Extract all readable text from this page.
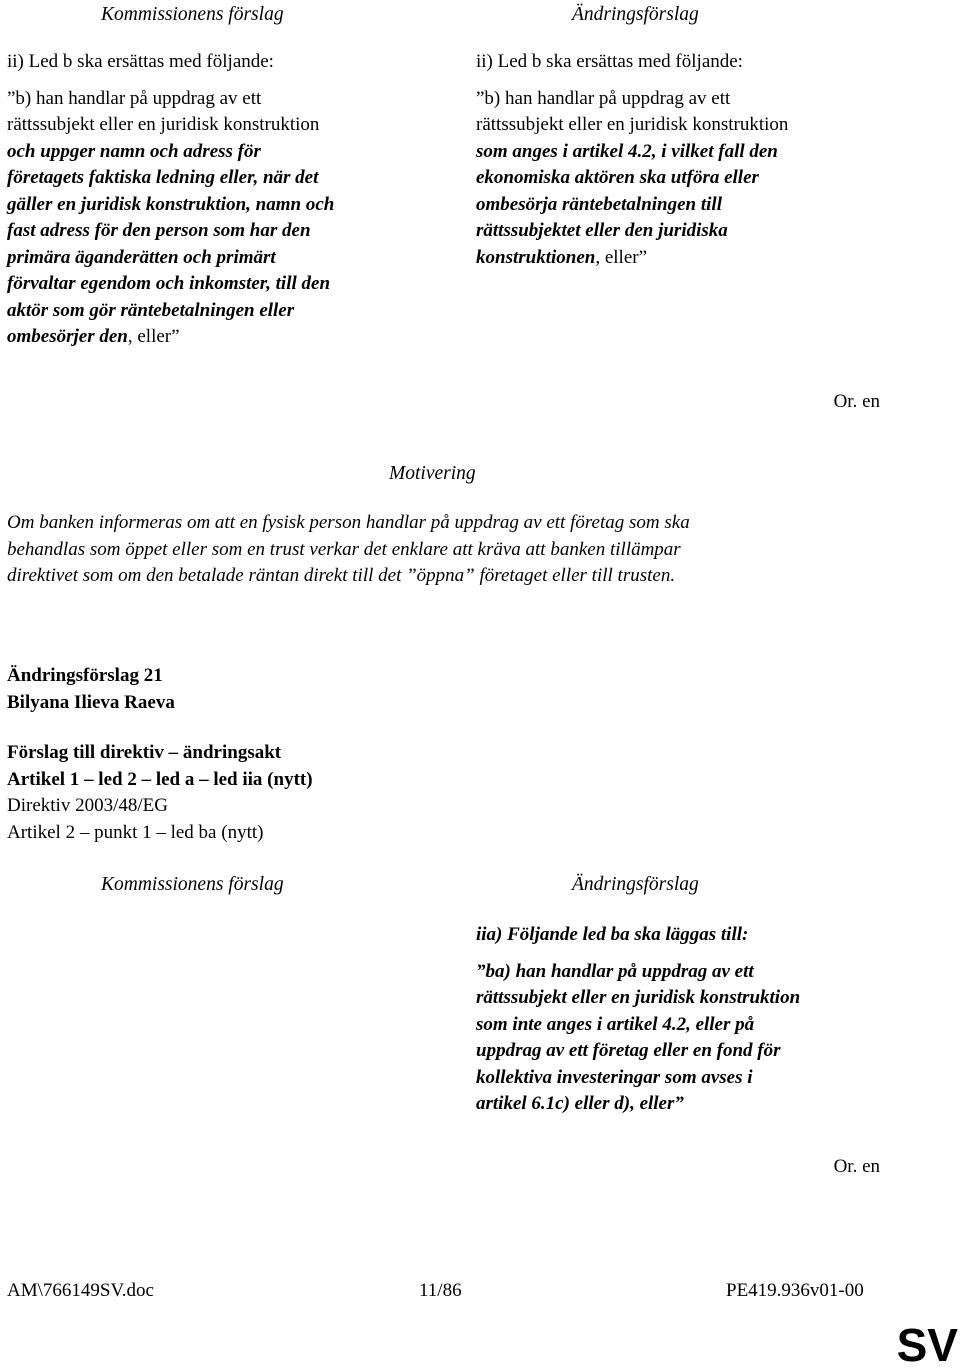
Kommissionens förslag	Ändringsförslag

ii) Led b ska ersättas med följande:

”b) han handlar på uppdrag av ett

rättssubjekt eller en juridisk konstruktion

och uppger namn och adress för

företagets faktiska ledning eller, när det

gäller en juridisk konstruktion, namn och

fast adress för den person som har den

primära äganderätten och primärt

förvaltar egendom och inkomster, till den

aktör som gör räntebetalningen eller

ombesörjer den, eller”

ii) Led b ska ersättas med följande:

”b) han handlar på uppdrag av ett

rättssubjekt eller en juridisk konstruktion

som anges i artikel 4.2, i vilket fall den

ekonomiska aktören ska utföra eller

ombesörja räntebetalningen till

rättssubjektet eller den juridiska

konstruktionen, eller”

Or. en
Motivering

Om banken informeras om att en fysisk person handlar på uppdrag av ett företag som ska

behandlas som öppet eller som en trust verkar det enklare att kräva att banken tillämpar

direktivet som om den betalade räntan direkt till det ”öppna” företaget eller till trusten.

Ändringsförslag 21

Bilyana Ilieva Raeva

Förslag till direktiv – ändringsakt

Artikel 1 – led 2 – led a – led iia (nytt)

Direktiv 2003/48/EG

Artikel 2 – punkt 1 – led ba (nytt)

Kommissionens förslag	Ändringsförslag

iia) Följande led ba ska läggas till:

”ba) han handlar på uppdrag av ett

rättssubjekt eller en juridisk konstruktion

som inte anges i artikel 4.2, eller på

uppdrag av ett företag eller en fond för

kollektiva investeringar som avses i

artikel 6.1c) eller d), eller”

Or. en
AM\766149SV.doc	11/86	PE419.936v01-00
SV
